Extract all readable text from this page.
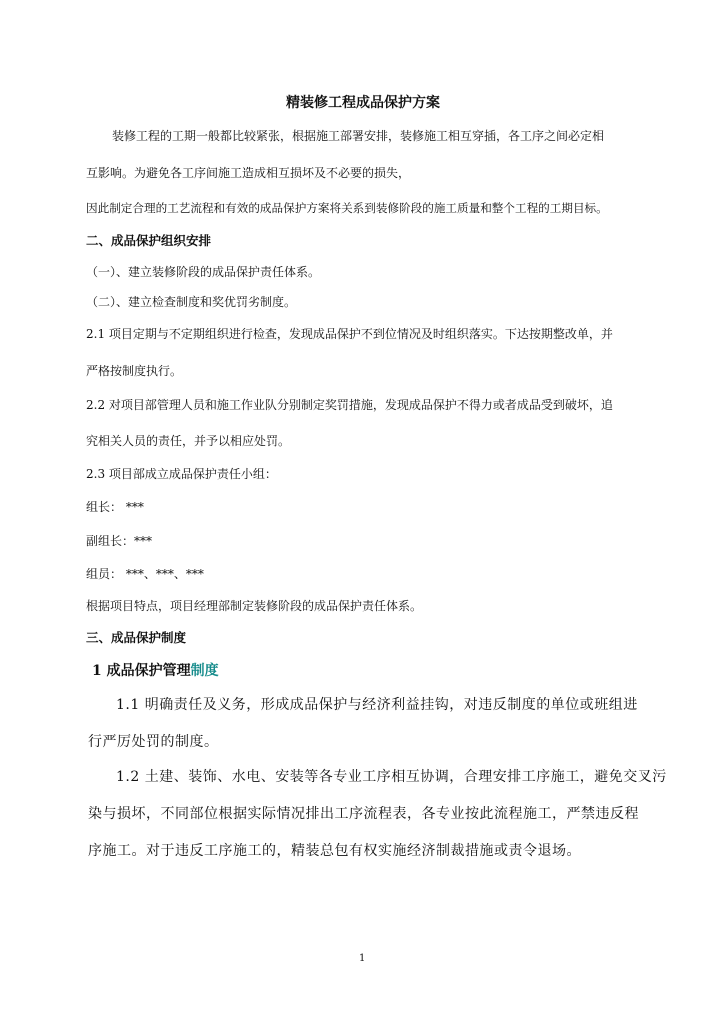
精装修工程成品保护方案
装修工程的工期一般都比较紧张，根据施工部署安排，装修施工相互穿插，各工序之间必定相
互影响。为避免各工序间施工造成相互损坏及不必要的损失，
因此制定合理的工艺流程和有效的成品保护方案将关系到装修阶段的施工质量和整个工程的工期目标。
二、成品保护组织安排
（一）、建立装修阶段的成品保护责任体系。
（二）、建立检查制度和奖优罚劣制度。
2.1 项目定期与不定期组织进行检查，发现成品保护不到位情况及时组织落实。下达按期整改单，并
严格按制度执行。
2.2 对项目部管理人员和施工作业队分别制定奖罚措施，发现成品保护不得力或者成品受到破坏，追
究相关人员的责任，并予以相应处罚。
2.3 项目部成立成品保护责任小组：
组长： ***
副组长：***
组员： ***、***、***
根据项目特点，项目经理部制定装修阶段的成品保护责任体系。
三、成品保护制度
1 成品保护管理制度
1.1 明确责任及义务，形成成品保护与经济利益挂钩，对违反制度的单位或班组进
行严厉处罚的制度。
1.2 土建、装饰、水电、安装等各专业工序相互协调，合理安排工序施工，避免交叉污
染与损坏，不同部位根据实际情况排出工序流程表，各专业按此流程施工，严禁违反程
序施工。对于违反工序施工的，精装总包有权实施经济制裁措施或责令退场。
1
